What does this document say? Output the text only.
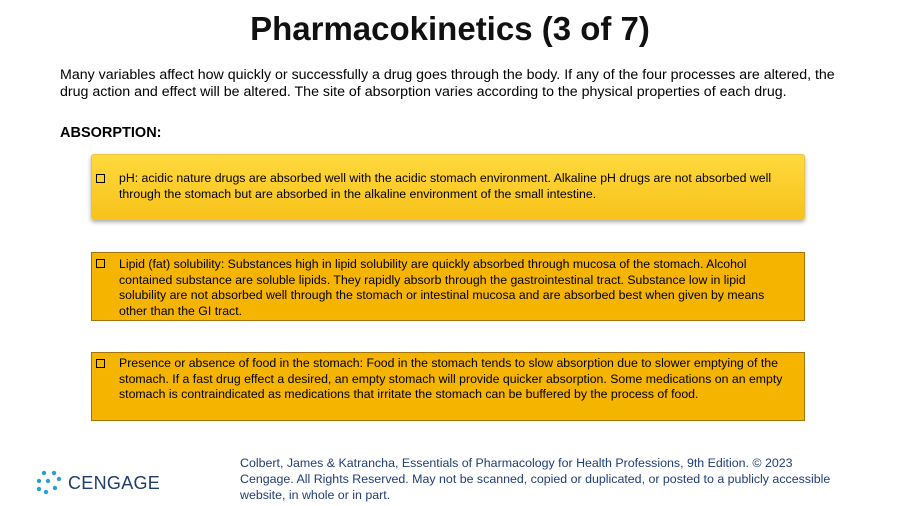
Pharmacokinetics (3 of 7)
Many variables affect how quickly or successfully a drug goes through the body. If any of the four processes are altered, the drug action and effect will be altered. The site of absorption varies according to the physical properties of each drug.
ABSORPTION:
pH: acidic nature drugs are absorbed well with the acidic stomach environment. Alkaline pH drugs are not absorbed well through the stomach but are absorbed in the alkaline environment of the small intestine.
Lipid (fat) solubility: Substances high in lipid solubility are quickly absorbed through mucosa of the stomach. Alcohol contained substance are soluble lipids. They rapidly absorb through the gastrointestinal tract. Substance low in lipid solubility are not absorbed well through the stomach or intestinal mucosa and are absorbed best when given by means other than the GI tract.
Presence or absence of food in the stomach: Food in the stomach tends to slow absorption due to slower emptying of the stomach. If a fast drug effect a desired, an empty stomach will provide quicker absorption. Some medications on an empty stomach is contraindicated as medications that irritate the stomach can be buffered by the process of food.
CENGAGE
Colbert, James & Katrancha, Essentials of Pharmacology for Health Professions, 9th Edition. © 2023 Cengage. All Rights Reserved. May not be scanned, copied or duplicated, or posted to a publicly accessible website, in whole or in part.
